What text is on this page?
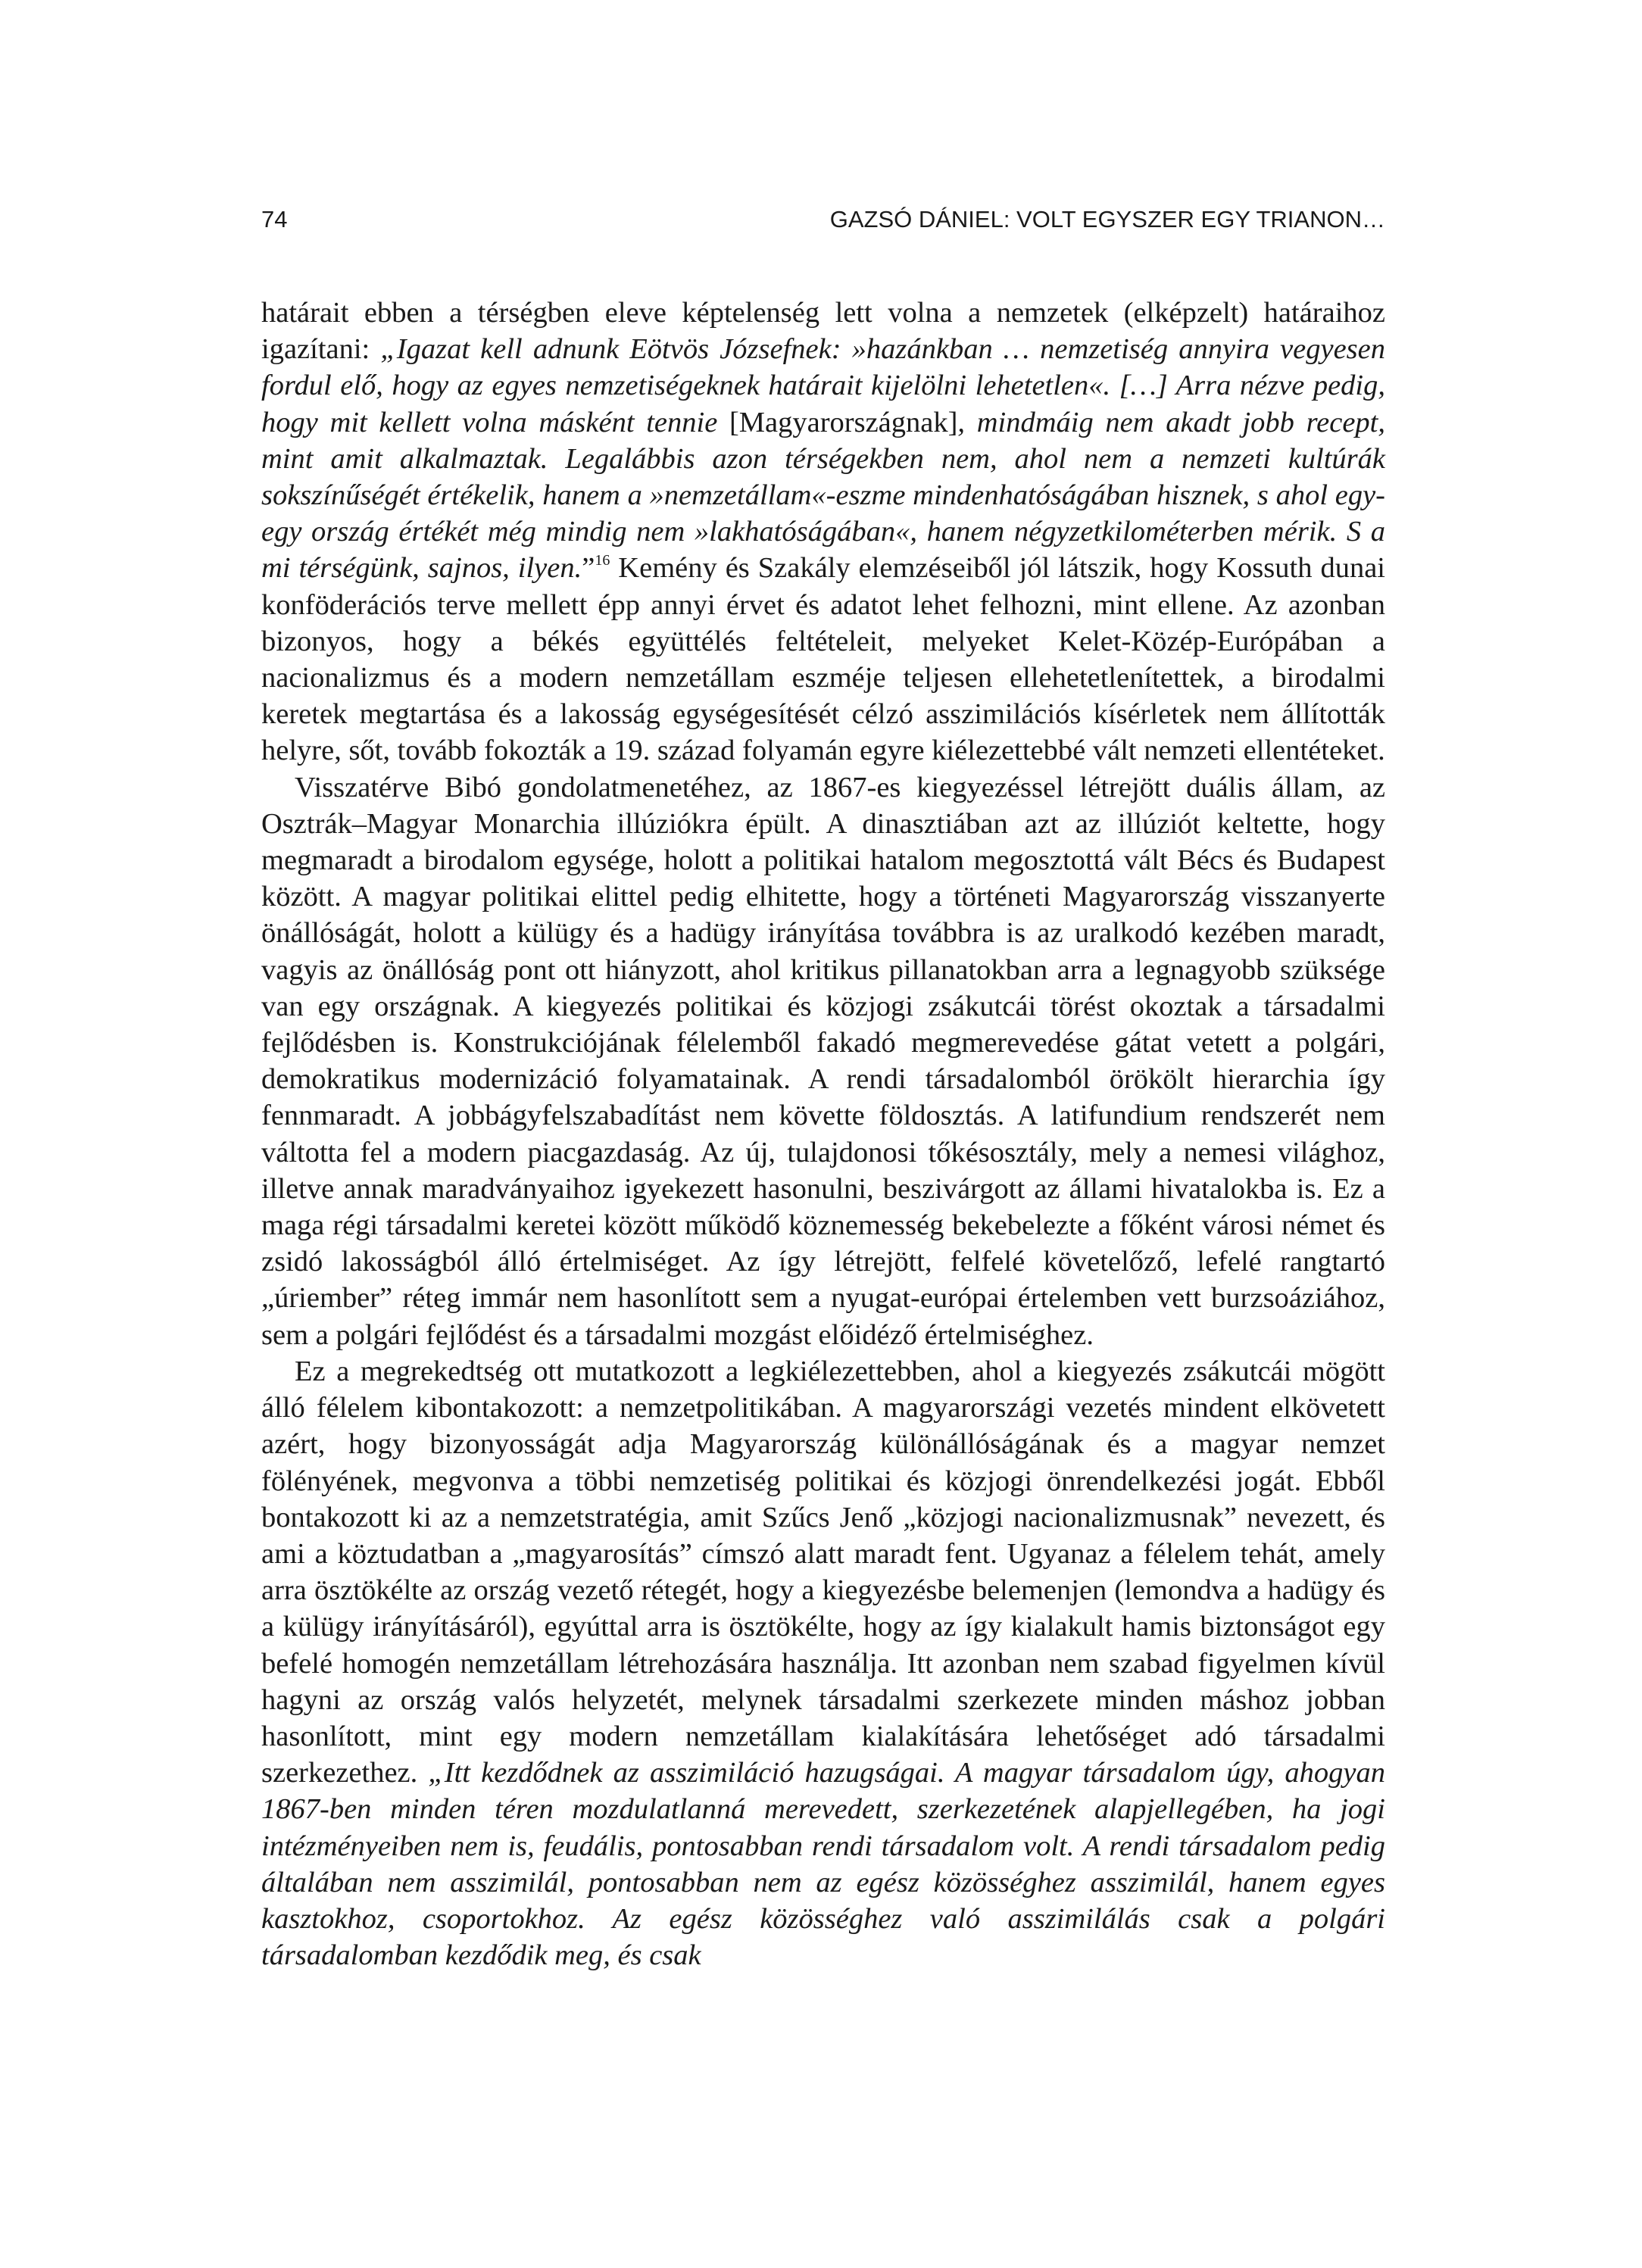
74	GAZSÓ DÁNIEL: VOLT EGYSZER EGY TRIANON…

határait ebben a térségben eleve képtelenség lett volna a nemzetek (elképzelt) határaihoz igazítani: „Igazat kell adnunk Eötvös Józsefnek: »hazánkban … nemzetiség annyira vegyesen fordul elő, hogy az egyes nemzetiségeknek határait kijelölni lehetetlen«. […] Arra nézve pedig, hogy mit kellett volna másként tennie [Magyarországnak], mindmáig nem akadt jobb recept, mint amit alkalmaztak. Legalábbis azon térségekben nem, ahol nem a nemzeti kultúrák sokszínűségét értékelik, hanem a »nemzetállam«-eszme mindenhatóságában hisznek, s ahol egy-egy ország értékét még mindig nem »lakhatóságában«, hanem négyzetkilométerben mérik. S a mi térségünk, sajnos, ilyen.”$^{16}$ Kemény és Szakály elemzéseiből jól látszik, hogy Kossuth dunai konföderációs terve mellett épp annyi érvet és adatot lehet felhozni, mint ellene. Az azonban bizonyos, hogy a békés együttélés feltételeit, melyeket Kelet-Közép-Európában a nacionalizmus és a modern nemzetállam eszméje teljesen ellehetetlenítettek, a birodalmi keretek megtartása és a lakosság egységesítését célzó asszimilációs kísérletek nem állították helyre, sőt, tovább fokozták a 19. század folyamán egyre kiélezettebbé vált nemzeti ellentéteket.

Visszatérve Bibó gondolatmenetéhez, az 1867-es kiegyezéssel létrejött duális állam, az Osztrák–Magyar Monarchia illúziókra épült. A dinasztiában azt az illúziót keltette, hogy megmaradt a birodalom egysége, holott a politikai hatalom megosztottá vált Bécs és Budapest között. A magyar politikai elittel pedig elhitette, hogy a történeti Magyarország visszanyerte önállóságát, holott a külügy és a hadügy irányítása továbbra is az uralkodó kezében maradt, vagyis az önállóság pont ott hiányzott, ahol kritikus pillanatokban arra a legnagyobb szüksége van egy országnak. A kiegyezés politikai és közjogi zsákutcái törést okoztak a társadalmi fejlődésben is. Konstrukciójának félelemből fakadó megmerevedése gátat vetett a polgári, demokratikus modernizáció folyamatainak. A rendi társadalomból örökölt hierarchia így fennmaradt. A jobbágyfelszabadítást nem követte földosztás. A latifundium rendszerét nem váltotta fel a modern piacgazdaság. Az új, tulajdonosi tőkésosztály, mely a nemesi világhoz, illetve annak maradványaihoz igyekezett hasonulni, beszivárgott az állami hivatalokba is. Ez a maga régi társadalmi keretei között működő köznemesség bekebelezte a főként városi német és zsidó lakosságból álló értelmiséget. Az így létrejött, felfelé követelőző, lefelé rangtartó „úriember” réteg immár nem hasonlított sem a nyugat-európai értelemben vett burzsoáziához, sem a polgári fejlődést és a társadalmi mozgást előidéző értelmiséghez.

Ez a megrekedtség ott mutatkozott a legkiélezettebben, ahol a kiegyezés zsákutcái mögött álló félelem kibontakozott: a nemzetpolitikában. A magyarországi vezetés mindent elkövetett azért, hogy bizonyosságát adja Magyarország különállóságának és a magyar nemzet fölényének, megvonva a többi nemzetiség politikai és közjogi önrendelkezési jogát. Ebből bontakozott ki az a nemzetstratégia, amit Szűcs Jenő „közjogi nacionalizmusnak” nevezett, és ami a köztudatban a „magyarosítás” címszó alatt maradt fent. Ugyanaz a félelem tehát, amely arra ösztökélte az ország vezető rétegét, hogy a kiegyezésbe belemenjen (lemondva a hadügy és a külügy irányításáról), egyúttal arra is ösztökélte, hogy az így kialakult hamis biztonságot egy befelé homogén nemzetállam létrehozására használja. Itt azonban nem szabad figyelmen kívül hagyni az ország valós helyzetét, melynek társadalmi szerkezete minden máshoz jobban hasonlított, mint egy modern nemzetállam kialakítására lehetőséget adó társadalmi szerkezethez. „Itt kezdődnek az asszimiláció hazugságai. A magyar társadalom úgy, ahogyan 1867-ben minden téren mozdulatlanná merevedett, szerkezetének alapjellegében, ha jogi intézményeiben nem is, feudális, pontosabban rendi társadalom volt. A rendi társadalom pedig általában nem asszimilál, pontosabban nem az egész közösséghez asszimilál, hanem egyes kasztokhoz, csoportokhoz. Az egész közösséghez való asszimilálás csak a polgári társadalomban kezdődik meg, és csak
